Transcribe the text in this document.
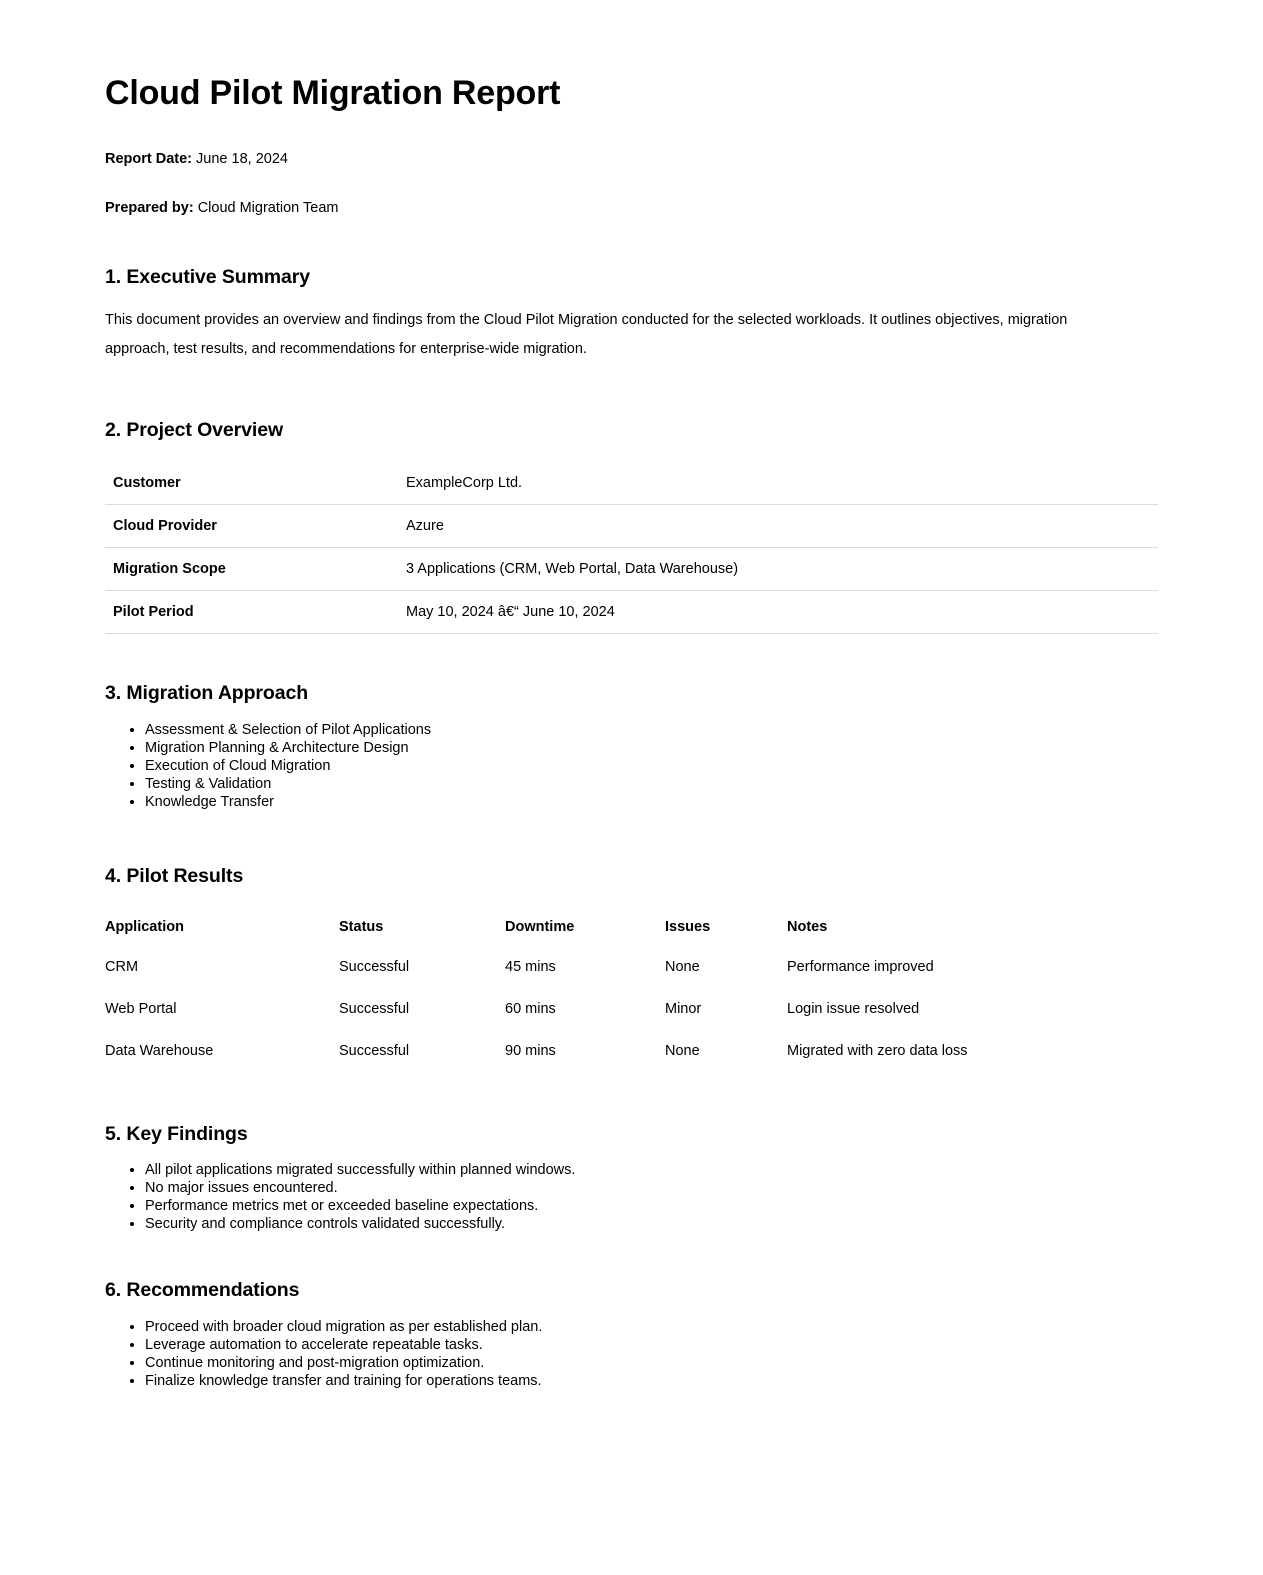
Cloud Pilot Migration Report

Report Date: June 18, 2024

Prepared by: Cloud Migration Team

1. Executive Summary

This document provides an overview and findings from the Cloud Pilot Migration conducted for the selected workloads. It outlines objectives, migration approach, test results, and recommendations for enterprise-wide migration.

2. Project Overview
Customer	ExampleCorp Ltd.
Cloud Provider	Azure
Migration Scope	3 Applications (CRM, Web Portal, Data Warehouse)
Pilot Period	May 10, 2024 â€“ June 10, 2024
3. Migration Approach
• Assessment & Selection of Pilot Applications
• Migration Planning & Architecture Design
• Execution of Cloud Migration
• Testing & Validation
• Knowledge Transfer
4. Pilot Results
Application	Status	Downtime	Issues	Notes
CRM	Successful	45 mins	None	Performance improved
Web Portal	Successful	60 mins	Minor	Login issue resolved
Data Warehouse	Successful	90 mins	None	Migrated with zero data loss
5. Key Findings
• All pilot applications migrated successfully within planned windows.
• No major issues encountered.
• Performance metrics met or exceeded baseline expectations.
• Security and compliance controls validated successfully.
6. Recommendations
• Proceed with broader cloud migration as per established plan.
• Leverage automation to accelerate repeatable tasks.
• Continue monitoring and post-migration optimization.
• Finalize knowledge transfer and training for operations teams.
